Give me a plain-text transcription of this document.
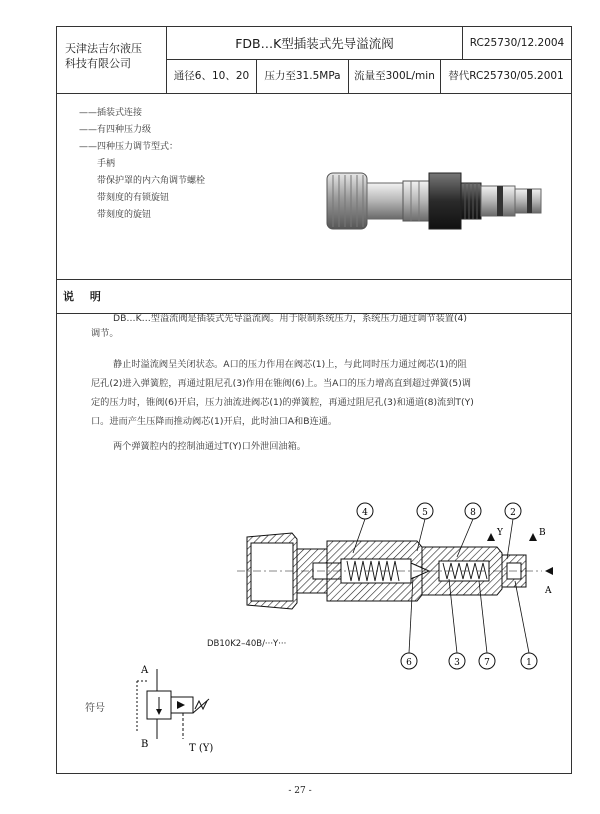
天津法吉尔液压
科技有限公司
FDB…K型插装式先导溢流阀	RC25730/12.2004
通径6、10、20	压力至31.5MPa	流量至300L/min	替代RC25730/05.2001
——插装式连接
——有四种压力级
——四种压力调节型式：
手柄
带保护罩的内六角调节螺栓
带刻度的有锁旋钮
带刻度的旋钮
说 明
DB…K…型溢流阀是插装式先导溢流阀。用于限制系统压力，系统压力通过调节装置(4)
调节。
静止时溢流阀呈关闭状态。A口的压力作用在阀芯(1)上，与此同时压力通过阀芯(1)的阻
尼孔(2)进入弹簧腔，再通过阻尼孔(3)作用在锥阀(6)上。当A口的压力增高直到超过弹簧(5)调
定的压力时，锥阀(6)开启，压力油流进阀芯(1)的弹簧腔，再通过阻尼孔(3)和通道(8)流到T(Y)
口。进而产生压降而推动阀芯(1)开启，此时油口A和B连通。
两个弹簧腔内的控制油通过T(Y)口外泄回油箱。
4	5	8	2
6	3	7	1
Y	B
A
DB10K2–40B/···Y···
符号
A
B	T (Y)
- 27 -
